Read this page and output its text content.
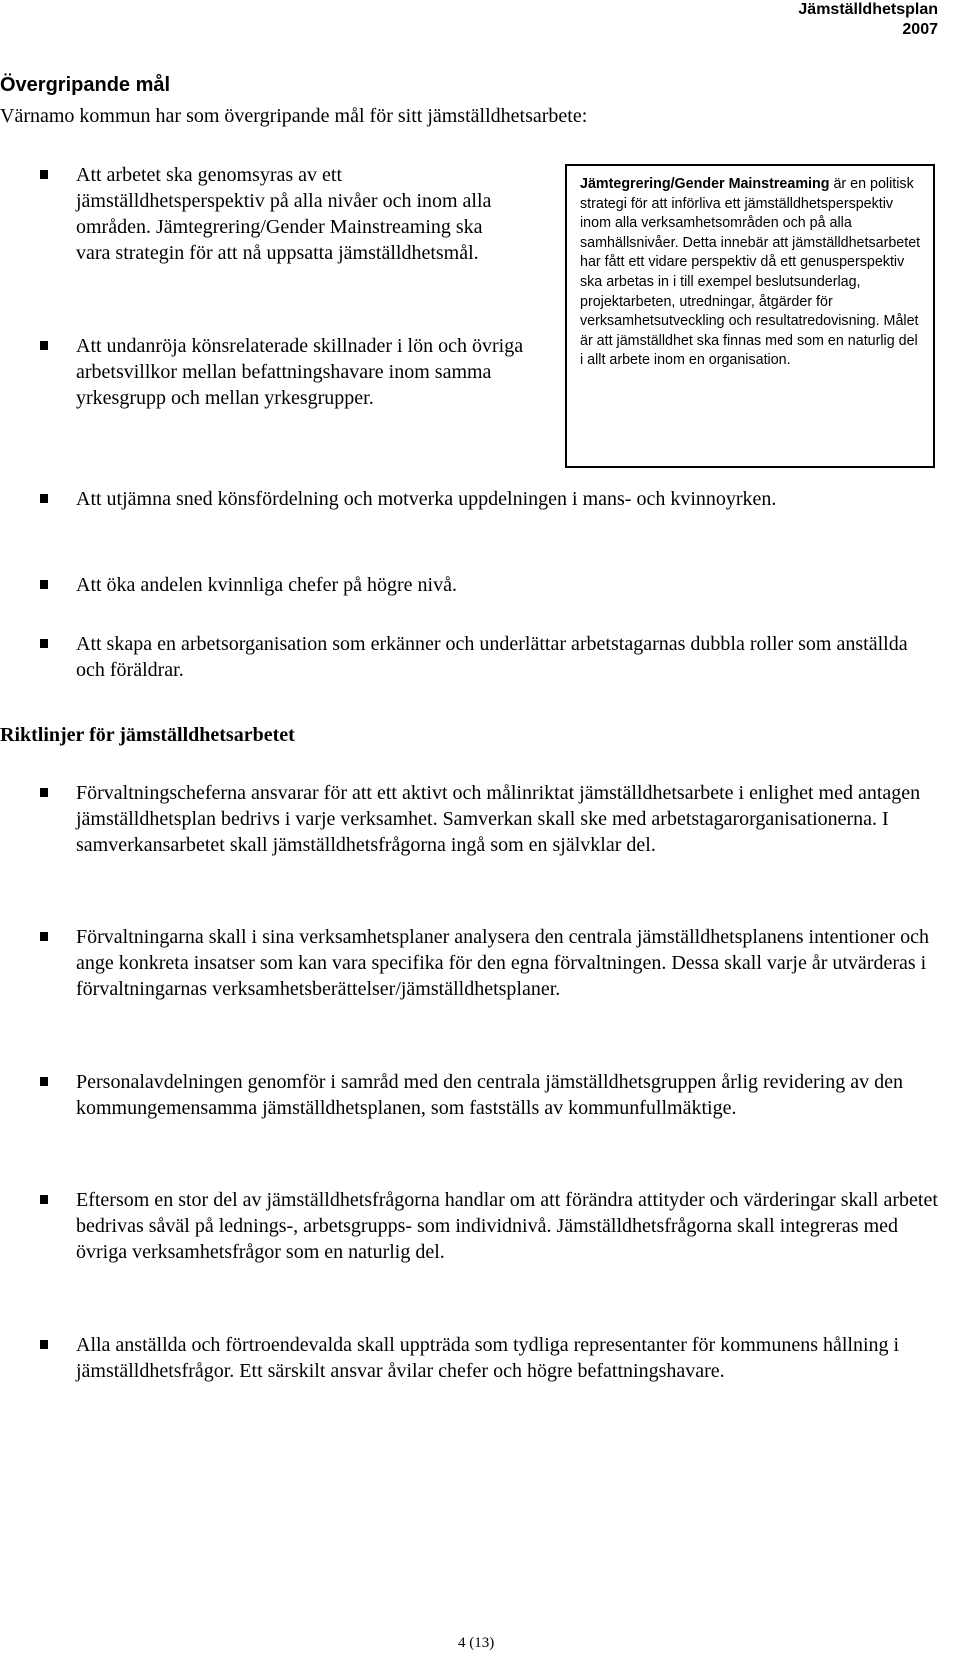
Jämställdhetsplan
2007
Övergripande mål
Värnamo kommun har som övergripande mål för sitt jämställdhetsarbete:
Att arbetet ska genomsyras av ett jämställdhetsperspektiv på alla nivåer och inom alla områden. Jämtegrering/Gender Mainstreaming ska vara strategin för att nå uppsatta jämställdhetsmål.
Att undanröja könsrelaterade skillnader i lön och övriga arbetsvillkor mellan befattningshavare inom samma yrkesgrupp och mellan yrkesgrupper.
Jämtegrering/Gender Mainstreaming är en politisk strategi för att införliva ett jämställdhetsperspektiv inom alla verksamhetsområden och på alla samhällsnivåer. Detta innebär att jämställdhetsarbetet har fått ett vidare perspektiv då ett genusperspektiv ska arbetas in i till exempel beslutsunderlag, projektarbeten, utredningar, åtgärder för verksamhetsutveckling och resultatredovisning. Målet är att jämställdhet ska finnas med som en naturlig del i allt arbete inom en organisation.
Att utjämna sned könsfördelning och motverka uppdelningen i mans- och kvinnoyrken.
Att öka andelen kvinnliga chefer på högre nivå.
Att skapa en arbetsorganisation som erkänner och underlättar arbetstagarnas dubbla roller som anställda och föräldrar.
Riktlinjer för jämställdhetsarbetet
Förvaltningscheferna ansvarar för att ett aktivt och målinriktat jämställdhetsarbete i enlighet med antagen jämställdhetsplan bedrivs i varje verksamhet. Samverkan skall ske med arbetstagarorganisationerna. I samverkansarbetet skall jämställdhetsfrågorna ingå som en självklar del.
Förvaltningarna skall i sina verksamhetsplaner analysera den centrala jämställdhetsplanens intentioner och ange konkreta insatser som kan vara specifika för den egna förvaltningen. Dessa skall varje år utvärderas i förvaltningarnas verksamhetsberättelser/jämställdhetsplaner.
Personalavdelningen genomför i samråd med den centrala jämställdhetsgruppen årlig revidering av den kommungemensamma jämställdhetsplanen, som fastställs av kommunfullmäktige.
Eftersom en stor del av jämställdhetsfrågorna handlar om att förändra attityder och värderingar skall arbetet bedrivas såväl på lednings-, arbetsgrupps- som individnivå. Jämställdhetsfrågorna skall integreras med övriga verksamhetsfrågor som en naturlig del.
Alla anställda och förtroendevalda skall uppträda som tydliga representanter för kommunens hållning i jämställdhetsfrågor. Ett särskilt ansvar åvilar chefer och högre befattningshavare.
4 (13)
